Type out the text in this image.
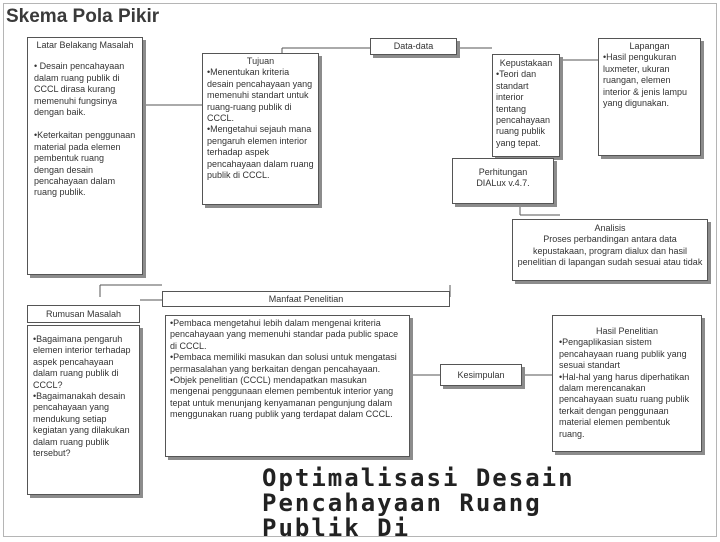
Skema Pola Pikir
Latar Belakang Masalah
• Desain pencahayaan dalam ruang publik di CCCL dirasa kurang memenuhi fungsinya dengan baik.
•Keterkaitan penggunaan material pada elemen pembentuk ruang dengan desain pencahayaan dalam ruang publik.
Tujuan
•Menentukan kriteria desain pencahayaan yang memenuhi standart untuk ruang-ruang publik di CCCL.
•Mengetahui sejauh mana pengaruh elemen interior terhadap aspek pencahayaan dalam ruang publik di CCCL.
Data-data
Kepustakaan
•Teori dan standart interior tentang pencahayaan ruang publik yang tepat.
Lapangan
•Hasil pengukuran luxmeter, ukuran ruangan, elemen interior & jenis lampu yang digunakan.
Perhitungan DIALux v.4.7.
Analisis
Proses perbandingan antara data kepustakaan, program dialux dan hasil penelitian di lapangan sudah sesuai atau tidak
Manfaat Penelitian
•Pembaca mengetahui lebih dalam mengenai kriteria pencahayaan yang memenuhi standar pada public space di CCCL.
•Pembaca memiliki masukan dan solusi untuk mengatasi permasalahan yang berkaitan dengan pencahayaan.
•Objek penelitian (CCCL) mendapatkan masukan mengenai penggunaan elemen pembentuk interior yang tepat untuk menunjang kenyamanan pengunjung dalam menggunakan ruang publik yang terdapat dalam CCCL.
Rumusan Masalah
•Bagaimana pengaruh elemen interior terhadap aspek pencahayaan dalam ruang publik di CCCL?
•Bagaimanakah desain pencahayaan yang mendukung setiap kegiatan yang dilakukan dalam ruang publik tersebut?
Kesimpulan
Hasil Penelitian
•Pengaplikasian sistem pencahayaan ruang publik yang sesuai standart
•Hal-hal yang harus diperhatikan dalam merencanakan pencahayaan suatu ruang publik terkait dengan penggunaan material elemen pembentuk ruang.
Optimalisasi Desain
Pencahayaan Ruang
Publik Di
